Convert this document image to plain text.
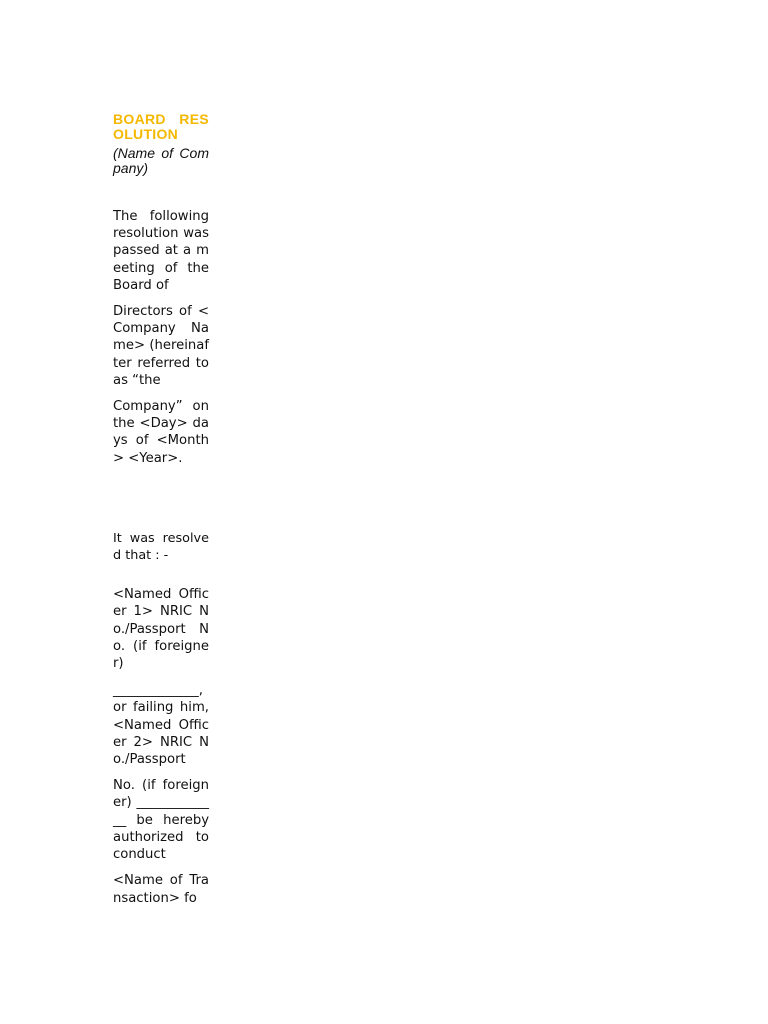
BOARD RESOLUTION
(Name of Company)

The following resolution was passed at a meeting of the Board of

Directors of <Company Name> (hereinafter referred to as “the

Company” on the <Day> days of <Month> <Year>.

It was resolved that : -

<Named Officer 1> NRIC No./Passport No. (if foreigner)

_____________, or failing him, <Named Officer 2> NRIC No./Passport

No. (if foreigner) _____________ be hereby authorized to conduct

<Name of Transaction> fo
